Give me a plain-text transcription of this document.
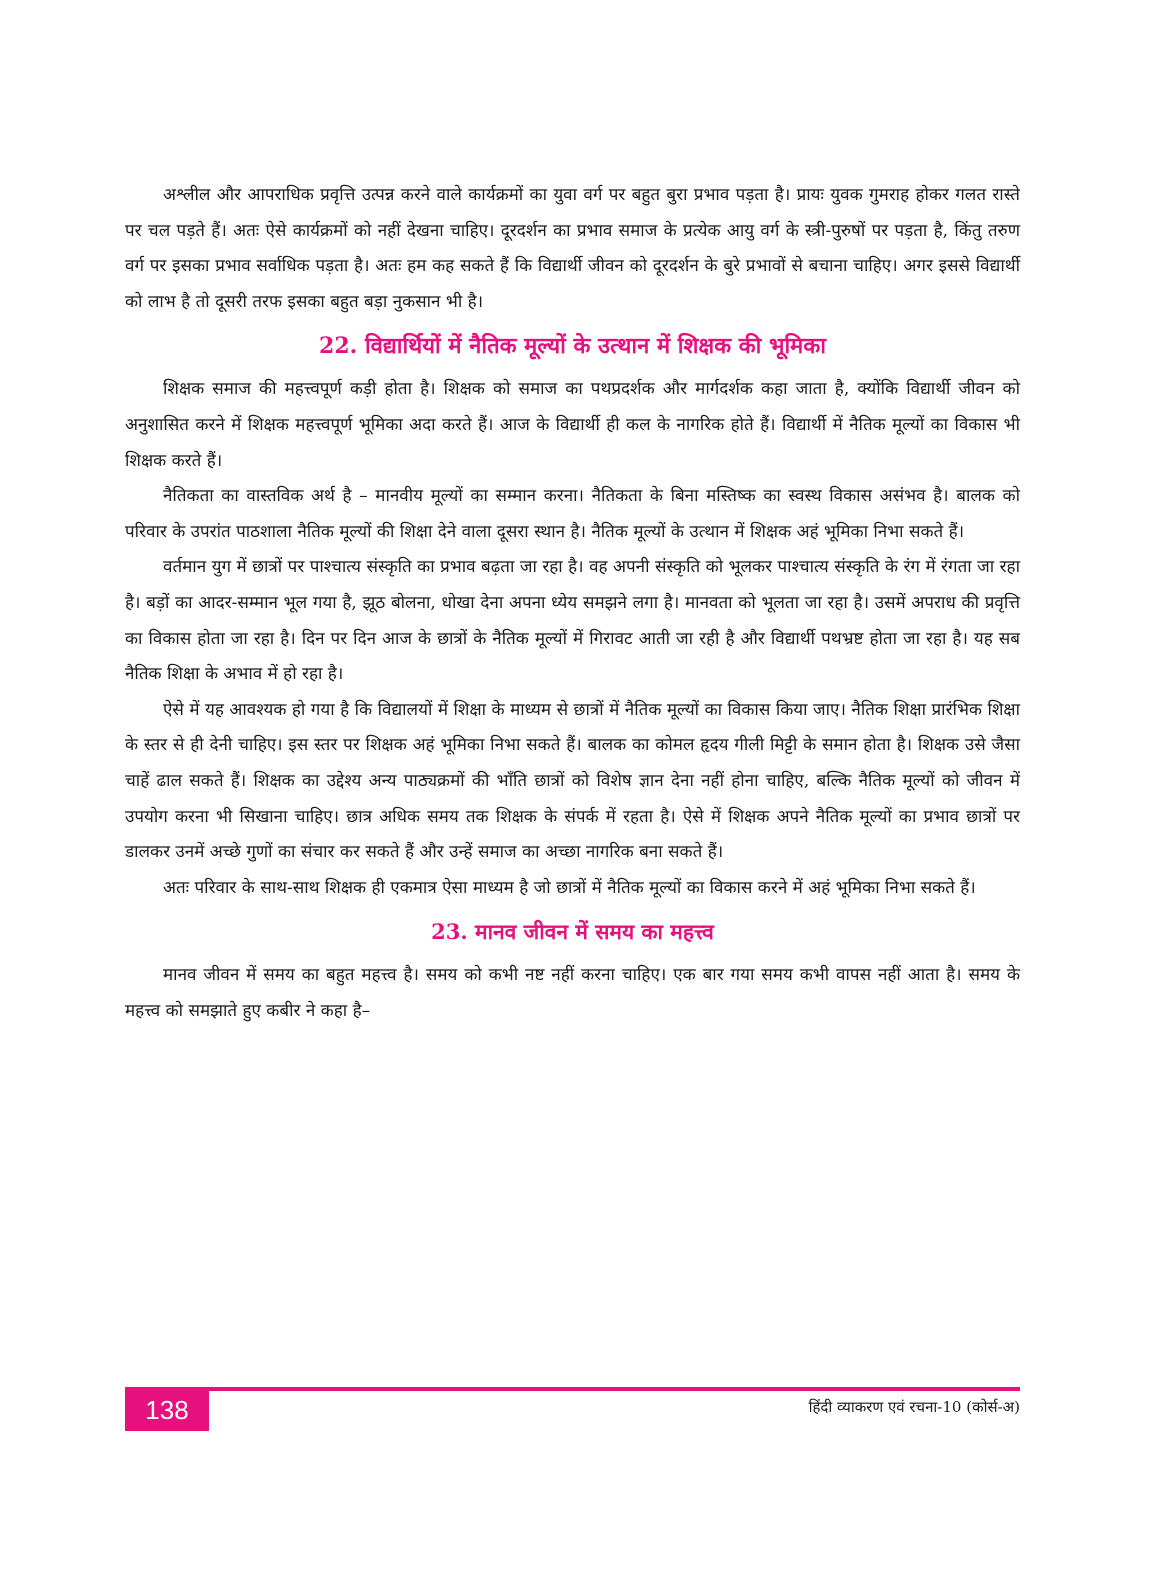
अश्लील और आपराधिक प्रवृत्ति उत्पन्न करने वाले कार्यक्रमों का युवा वर्ग पर बहुत बुरा प्रभाव पड़ता है। प्रायः युवक गुमराह होकर गलत रास्ते पर चल पड़ते हैं। अतः ऐसे कार्यक्रमों को नहीं देखना चाहिए। दूरदर्शन का प्रभाव समाज के प्रत्येक आयु वर्ग के स्त्री-पुरुषों पर पड़ता है, किंतु तरुण वर्ग पर इसका प्रभाव सर्वाधिक पड़ता है। अतः हम कह सकते हैं कि विद्यार्थी जीवन को दूरदर्शन के बुरे प्रभावों से बचाना चाहिए। अगर इससे विद्यार्थी को लाभ है तो दूसरी तरफ इसका बहुत बड़ा नुकसान भी है।

22. विद्यार्थियों में नैतिक मूल्यों के उत्थान में शिक्षक की भूमिका

शिक्षक समाज की महत्त्वपूर्ण कड़ी होता है। शिक्षक को समाज का पथप्रदर्शक और मार्गदर्शक कहा जाता है, क्योंकि विद्यार्थी जीवन को अनुशासित करने में शिक्षक महत्त्वपूर्ण भूमिका अदा करते हैं। आज के विद्यार्थी ही कल के नागरिक होते हैं। विद्यार्थी में नैतिक मूल्यों का विकास भी शिक्षक करते हैं।

नैतिकता का वास्तविक अर्थ है – मानवीय मूल्यों का सम्मान करना। नैतिकता के बिना मस्तिष्क का स्वस्थ विकास असंभव है। बालक को परिवार के उपरांत पाठशाला नैतिक मूल्यों की शिक्षा देने वाला दूसरा स्थान है। नैतिक मूल्यों के उत्थान में शिक्षक अहं भूमिका निभा सकते हैं।

वर्तमान युग में छात्रों पर पाश्चात्य संस्कृति का प्रभाव बढ़ता जा रहा है। वह अपनी संस्कृति को भूलकर पाश्चात्य संस्कृति के रंग में रंगता जा रहा है। बड़ों का आदर-सम्मान भूल गया है, झूठ बोलना, धोखा देना अपना ध्येय समझने लगा है। मानवता को भूलता जा रहा है। उसमें अपराध की प्रवृत्ति का विकास होता जा रहा है। दिन पर दिन आज के छात्रों के नैतिक मूल्यों में गिरावट आती जा रही है और विद्यार्थी पथभ्रष्ट होता जा रहा है। यह सब नैतिक शिक्षा के अभाव में हो रहा है।

ऐसे में यह आवश्यक हो गया है कि विद्यालयों में शिक्षा के माध्यम से छात्रों में नैतिक मूल्यों का विकास किया जाए। नैतिक शिक्षा प्रारंभिक शिक्षा के स्तर से ही देनी चाहिए। इस स्तर पर शिक्षक अहं भूमिका निभा सकते हैं। बालक का कोमल हृदय गीली मिट्टी के समान होता है। शिक्षक उसे जैसा चाहें ढाल सकते हैं। शिक्षक का उद्देश्य अन्य पाठ्यक्रमों की भाँति छात्रों को विशेष ज्ञान देना नहीं होना चाहिए, बल्कि नैतिक मूल्यों को जीवन में उपयोग करना भी सिखाना चाहिए। छात्र अधिक समय तक शिक्षक के संपर्क में रहता है। ऐसे में शिक्षक अपने नैतिक मूल्यों का प्रभाव छात्रों पर डालकर उनमें अच्छे गुणों का संचार कर सकते हैं और उन्हें समाज का अच्छा नागरिक बना सकते हैं।

अतः परिवार के साथ-साथ शिक्षक ही एकमात्र ऐसा माध्यम है जो छात्रों में नैतिक मूल्यों का विकास करने में अहं भूमिका निभा सकते हैं।

23. मानव जीवन में समय का महत्त्व

मानव जीवन में समय का बहुत महत्त्व है। समय को कभी नष्ट नहीं करना चाहिए। एक बार गया समय कभी वापस नहीं आता है। समय के महत्त्व को समझाते हुए कबीर ने कहा है–

138	हिंदी व्याकरण एवं रचना-10 (कोर्स-अ)
